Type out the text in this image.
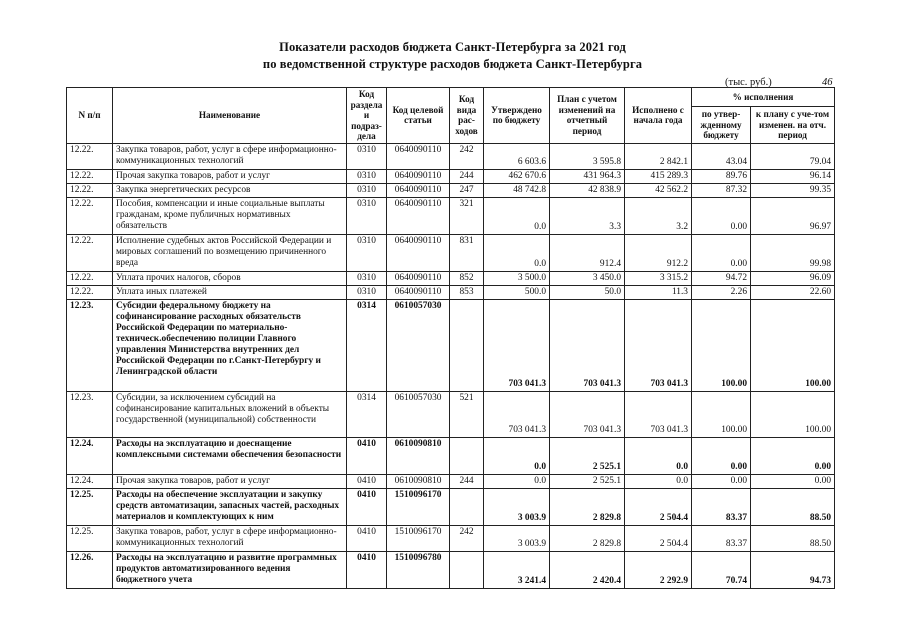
Показатели расходов бюджета Санкт-Петербурга за 2021 год
по ведомственной структуре расходов бюджета Санкт-Петербурга
(тыс. руб.)	46
N п/п	Наименование	Код раздела и подраз-дела	Код целевой статьи	Код вида рас-ходов	Утверждено по бюджету	План с учетом изменений на отчетный период	Исполнено с начала года	% исполнения	
								по утвер-жденному бюджету	к плану с уче-том изменен. на отч. период
12.22.	Закупка товаров, работ, услуг в сфере информационно-коммуникационных технологий	0310	0640090110	242	6 603.6	3 595.8	2 842.1	43.04	79.04
12.22.	Прочая закупка товаров, работ и услуг	0310	0640090110	244	462 670.6	431 964.3	415 289.3	89.76	96.14
12.22.	Закупка энергетических ресурсов	0310	0640090110	247	48 742.8	42 838.9	42 562.2	87.32	99.35
12.22.	Пособия, компенсации и иные социальные выплаты гражданам, кроме публичных нормативных обязательств	0310	0640090110	321	0.0	3.3	3.2	0.00	96.97
12.22.	Исполнение судебных актов Российской Федерации и мировых соглашений по возмещению причиненного вреда	0310	0640090110	831	0.0	912.4	912.2	0.00	99.98
12.22.	Уплата прочих налогов, сборов	0310	0640090110	852	3 500.0	3 450.0	3 315.2	94.72	96.09
12.22.	Уплата иных платежей	0310	0640090110	853	500.0	50.0	11.3	2.26	22.60
12.23.	Субсидии федеральному бюджету на софинансирование расходных обязательств Российской Федерации по материально-техническ.обеспечению полиции Главного управления Министерства внутренних дел Российской Федерации по г.Санкт-Петербургу и Ленинградской области	0314	0610057030		703 041.3	703 041.3	703 041.3	100.00	100.00
12.23.	Субсидии, за исключением субсидий на софинансирование капитальных вложений в объекты государственной (муниципальной) собственности	0314	0610057030	521	703 041.3	703 041.3	703 041.3	100.00	100.00
12.24.	Расходы на эксплуатацию и доеснащение комплексными системами обеспечения безопасности	0410	0610090810		0.0	2 525.1	0.0	0.00	0.00
12.24.	Прочая закупка товаров, работ и услуг	0410	0610090810	244	0.0	2 525.1	0.0	0.00	0.00
12.25.	Расходы на обеспечение эксплуатации и закупку средств автоматизации, запасных частей, расходных материалов и комплектующих к ним	0410	1510096170		3 003.9	2 829.8	2 504.4	83.37	88.50
12.25.	Закупка товаров, работ, услуг в сфере информационно-коммуникационных технологий	0410	1510096170	242	3 003.9	2 829.8	2 504.4	83.37	88.50
12.26.	Расходы на эксплуатацию и развитие программных продуктов автоматизированного ведения бюджетного учета	0410	1510096780		3 241.4	2 420.4	2 292.9	70.74	94.73
